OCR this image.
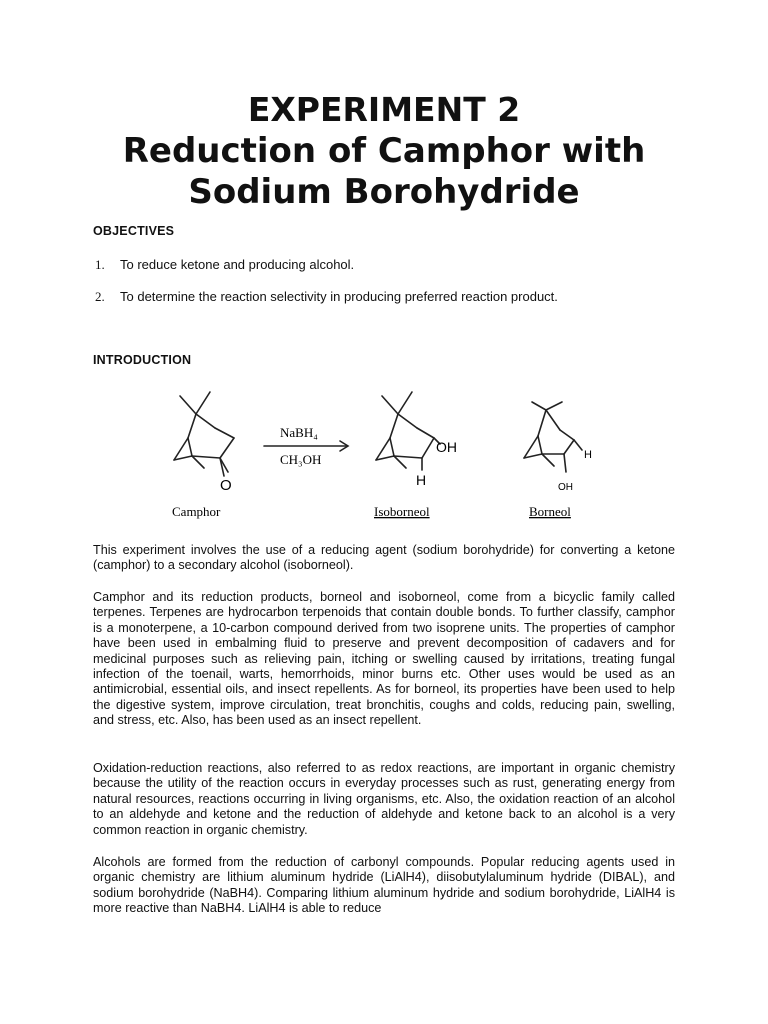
EXPERIMENT 2
Reduction of Camphor with
Sodium Borohydride

OBJECTIVES

1. To reduce ketone and producing alcohol.

2. To determine the reaction selectivity in producing preferred reaction product.

INTRODUCTION

NaBH₄
CH₃OH
O
OH
H
H
OH
Camphor	Isoborneol	Borneol

This experiment involves the use of a reducing agent (sodium borohydride) for converting a ketone (camphor) to a secondary alcohol (isoborneol).

Camphor and its reduction products, borneol and isoborneol, come from a bicyclic family called terpenes. Terpenes are hydrocarbon terpenoids that contain double bonds. To further classify, camphor is a monoterpene, a 10-carbon compound derived from two isoprene units. The properties of camphor have been used in embalming fluid to preserve and prevent decomposition of cadavers and for medicinal purposes such as relieving pain, itching or swelling caused by irritations, treating fungal infection of the toenail, warts, hemorrhoids, minor burns etc. Other uses would be used as an antimicrobial, essential oils, and insect repellents. As for borneol, its properties have been used to help the digestive system, improve circulation, treat bronchitis, coughs and colds, reducing pain, swelling, and stress, etc. Also, has been used as an insect repellent.

Oxidation-reduction reactions, also referred to as redox reactions, are important in organic chemistry because the utility of the reaction occurs in everyday processes such as rust, generating energy from natural resources, reactions occurring in living organisms, etc. Also, the oxidation reaction of an alcohol to an aldehyde and ketone and the reduction of aldehyde and ketone back to an alcohol is a very common reaction in organic chemistry.

Alcohols are formed from the reduction of carbonyl compounds. Popular reducing agents used in organic chemistry are lithium aluminum hydride (LiAlH4), diisobutylaluminum hydride (DIBAL), and sodium borohydride (NaBH4). Comparing lithium aluminum hydride and sodium borohydride, LiAlH4 is more reactive than NaBH4. LiAlH4 is able to reduce
